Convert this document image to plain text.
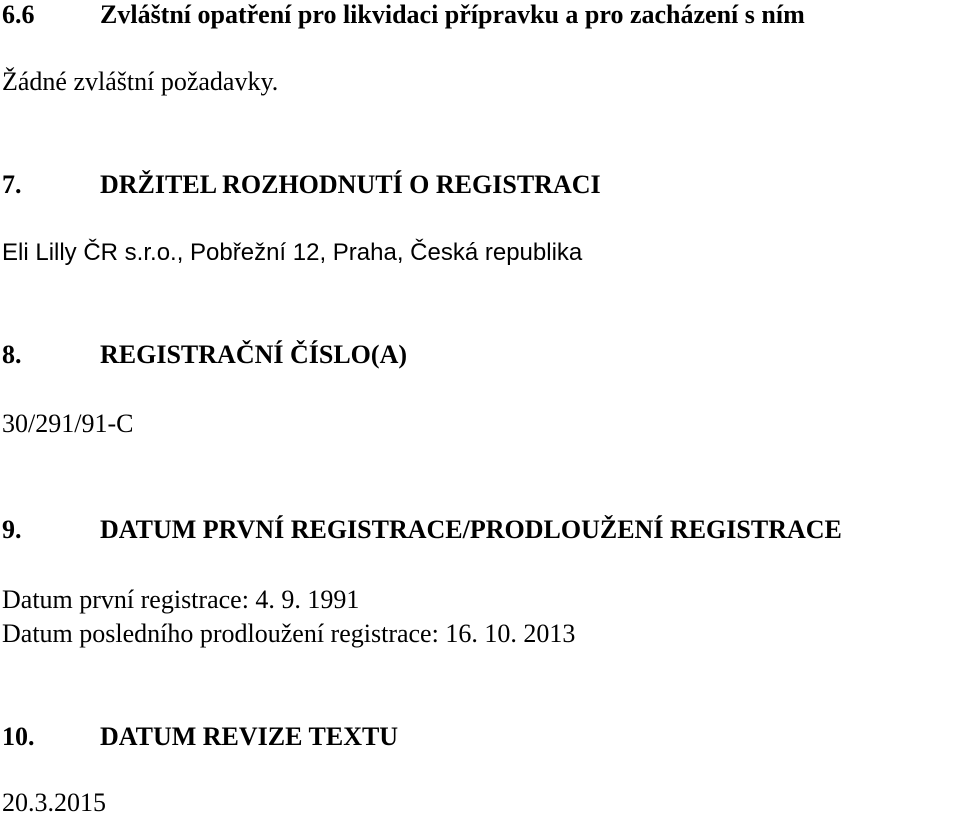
6.6	Zvláštní opatření pro likvidaci přípravku a pro zacházení s ním
Žádné zvláštní požadavky.
7.	DRŽITEL ROZHODNUTÍ O REGISTRACI
Eli Lilly ČR s.r.o., Pobřežní 12, Praha, Česká republika
8.	REGISTRAČNÍ ČÍSLO(A)
30/291/91-C
9.	DATUM PRVNÍ REGISTRACE/PRODLOUŽENÍ REGISTRACE
Datum první registrace: 4. 9. 1991
Datum posledního prodloužení registrace: 16. 10. 2013
10.	DATUM REVIZE TEXTU
20.3.2015
